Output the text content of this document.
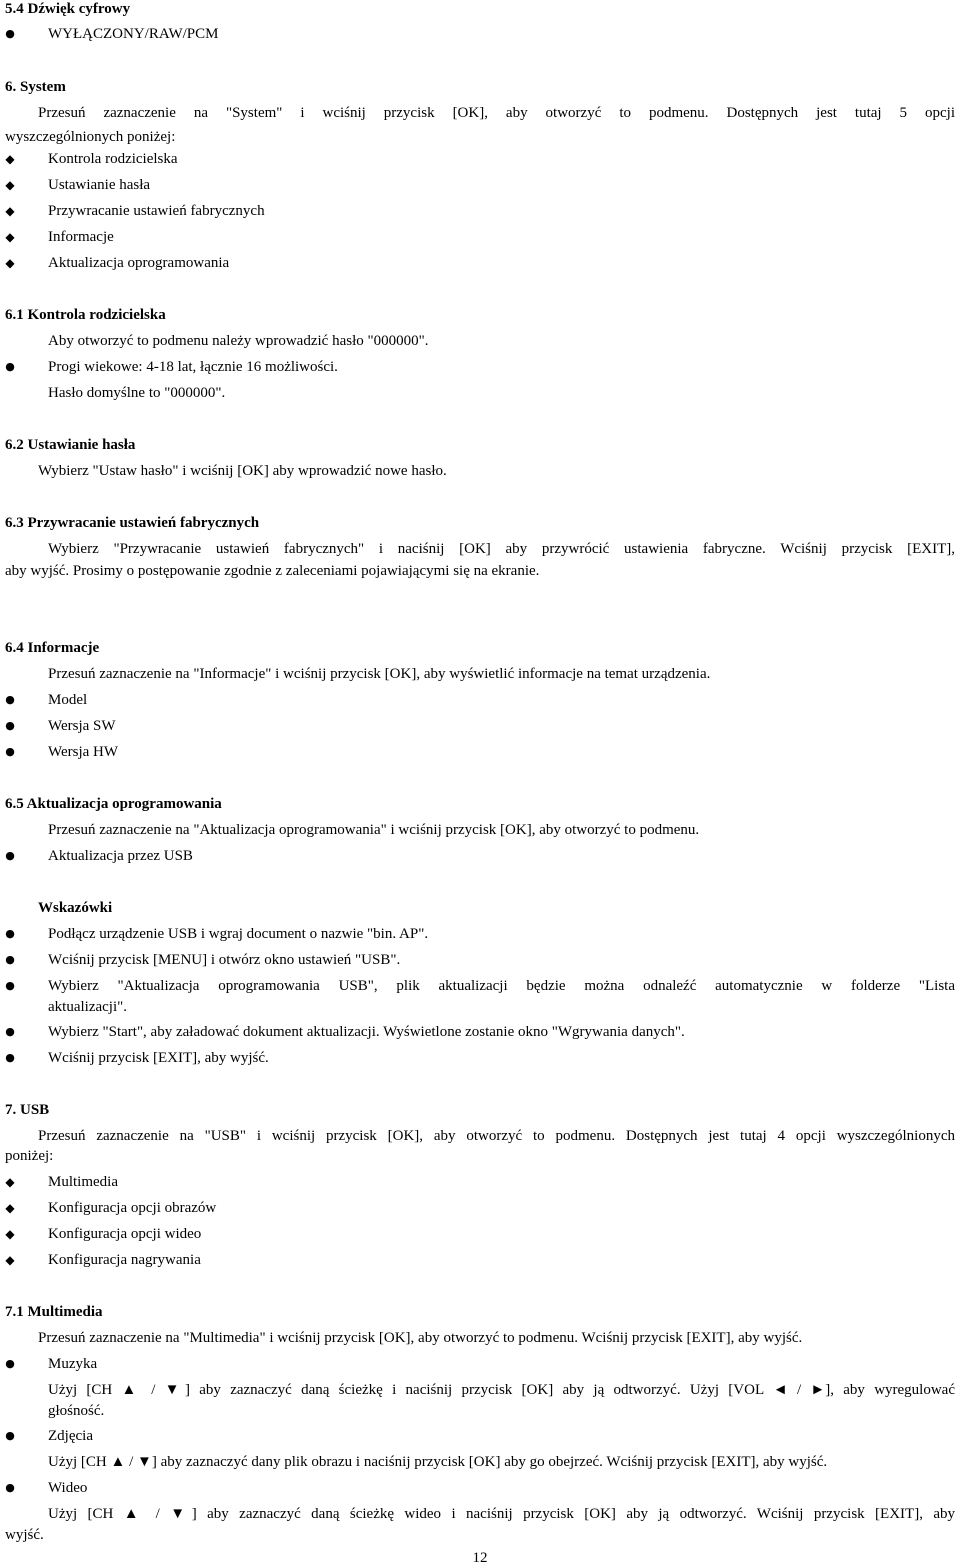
5.4 Dźwięk cyfrowy
●	WYŁĄCZONY/RAW/PCM
6. System
Przesuń zaznaczenie na "System" i wciśnij przycisk [OK], aby otworzyć to podmenu. Dostępnych jest tutaj 5 opcji
wyszczególnionych poniżej:
◆	Kontrola rodzicielska
◆	Ustawianie hasła
◆	Przywracanie ustawień fabrycznych
◆	Informacje
◆	Aktualizacja oprogramowania
6.1 Kontrola rodzicielska
Aby otworzyć to podmenu należy wprowadzić hasło "000000".
●	Progi wiekowe: 4-18 lat, łącznie 16 możliwości.
Hasło domyślne to "000000".
6.2 Ustawianie hasła
Wybierz "Ustaw hasło" i wciśnij [OK] aby wprowadzić nowe hasło.
6.3 Przywracanie ustawień fabrycznych
Wybierz "Przywracanie ustawień fabrycznych" i naciśnij [OK] aby przywrócić ustawienia fabryczne. Wciśnij przycisk [EXIT],
aby wyjść. Prosimy o postępowanie zgodnie z zaleceniami pojawiającymi się na ekranie.
6.4 Informacje
Przesuń zaznaczenie na "Informacje" i wciśnij przycisk [OK], aby wyświetlić informacje na temat urządzenia.
●	Model
●	Wersja SW
●	Wersja HW
6.5 Aktualizacja oprogramowania
Przesuń zaznaczenie na "Aktualizacja oprogramowania" i wciśnij przycisk [OK], aby otworzyć to podmenu.
●	Aktualizacja przez USB
Wskazówki
●	Podłącz urządzenie USB i wgraj document o nazwie "bin. AP".
●	Wciśnij przycisk [MENU] i otwórz okno ustawień "USB".
●	Wybierz "Aktualizacja oprogramowania USB", plik aktualizacji będzie można odnaleźć automatycznie w folderze "Lista
aktualizacji".
●	Wybierz "Start", aby załadować dokument aktualizacji. Wyświetlone zostanie okno "Wgrywania danych".
●	Wciśnij przycisk [EXIT], aby wyjść.
7. USB
Przesuń zaznaczenie na "USB" i wciśnij przycisk [OK], aby otworzyć to podmenu. Dostępnych jest tutaj 4 opcji wyszczególnionych
poniżej:
◆	Multimedia
◆	Konfiguracja opcji obrazów
◆	Konfiguracja opcji wideo
◆	Konfiguracja nagrywania
7.1 Multimedia
Przesuń zaznaczenie na "Multimedia" i wciśnij przycisk [OK], aby otworzyć to podmenu. Wciśnij przycisk [EXIT], aby wyjść.
●	Muzyka
Użyj [CH ▲ / ▼] aby zaznaczyć daną ścieżkę i naciśnij przycisk [OK] aby ją odtworzyć. Użyj [VOL ◄ / ►], aby wyregulować
głośność.
●	Zdjęcia
Użyj [CH ▲ / ▼] aby zaznaczyć dany plik obrazu i naciśnij przycisk [OK] aby go obejrzeć. Wciśnij przycisk [EXIT], aby wyjść.
●	Wideo
Użyj [CH ▲ / ▼] aby zaznaczyć daną ścieżkę wideo i naciśnij przycisk [OK] aby ją odtworzyć. Wciśnij przycisk [EXIT], aby
wyjść.
12
